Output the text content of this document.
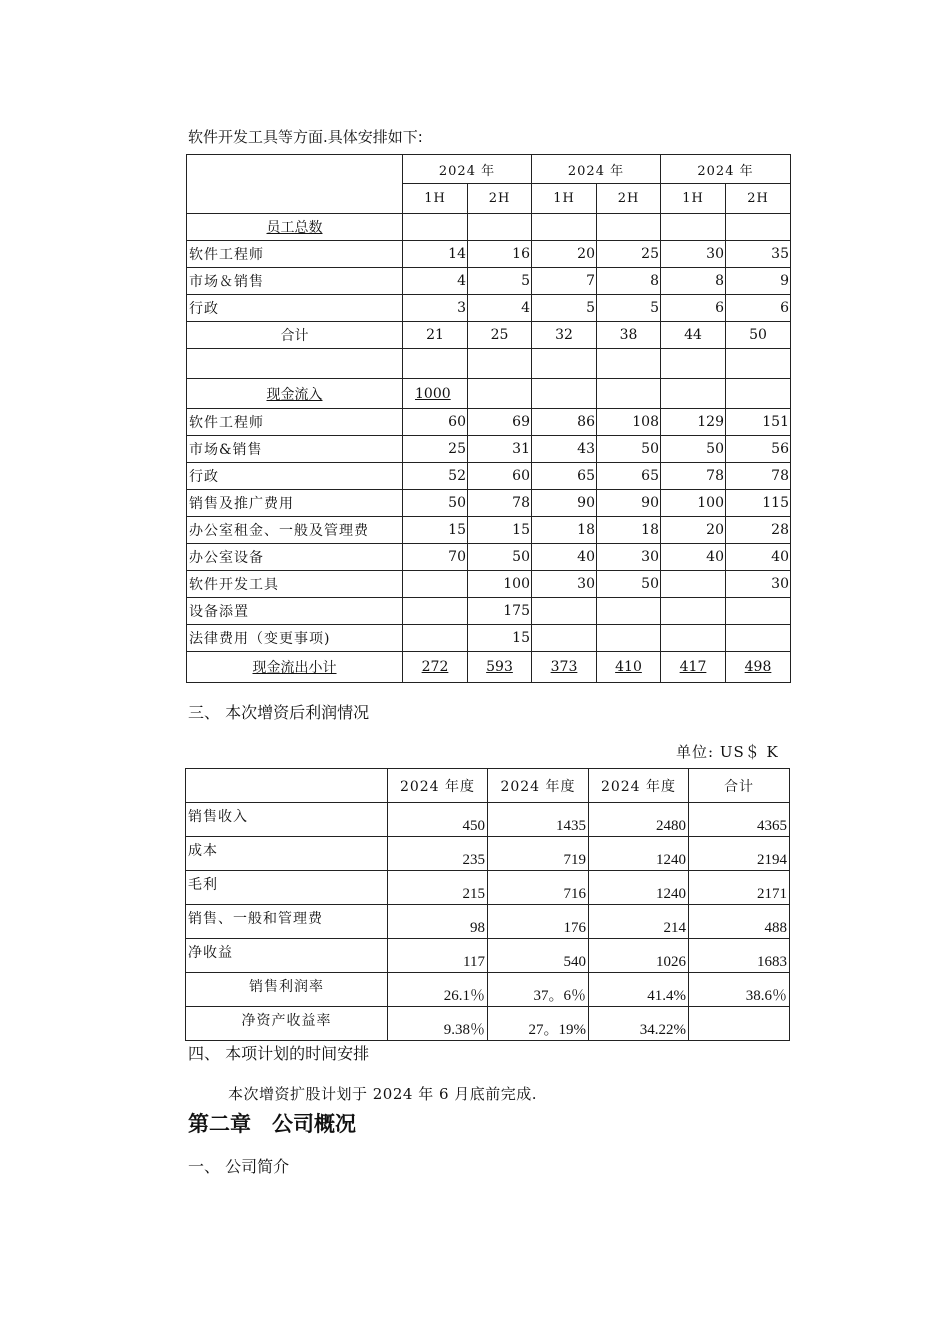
软件开发工具等方面.具体安排如下:
	2024 年		2024 年		2024 年	
	1H	2H	1H	2H	1H	2H
员工总数						
软件工程师	14	16	20	25	30	35
市场＆销售	4	5	7	8	8	9
行政	3	4	5	5	6	6
合计	21	25	32	38	44	50

现金流入	1000					
软件工程师	60	69	86	108	129	151
市场&销售	25	31	43	50	50	56
行政	52	60	65	65	78	78
销售及推广费用	50	78	90	90	100	115
办公室租金、一般及管理费	15	15	18	18	20	28
办公室设备	70	50	40	30	40	40
软件开发工具		100	30	50		30
设备添置		175				
法律费用（变更事项)		15				
现金流出小计	272	593	373	410	417	498
三、 本次增资后利润情况
单位: US＄ K
	2024 年度	2024 年度	2024 年度	合计
销售收入	450	1435	2480	4365
成本	235	719	1240	2194
毛利	215	716	1240	2171
销售、一般和管理费	98	176	214	488
净收益	117	540	1026	1683
销售利润率	26.1％	37。6％	41.4%	38.6％
净资产收益率	9.38％	27。19%	34.22%	
四、 本项计划的时间安排
本次增资扩股计划于 2024 年 6 月底前完成.
第二章　公司概况
一、 公司简介
